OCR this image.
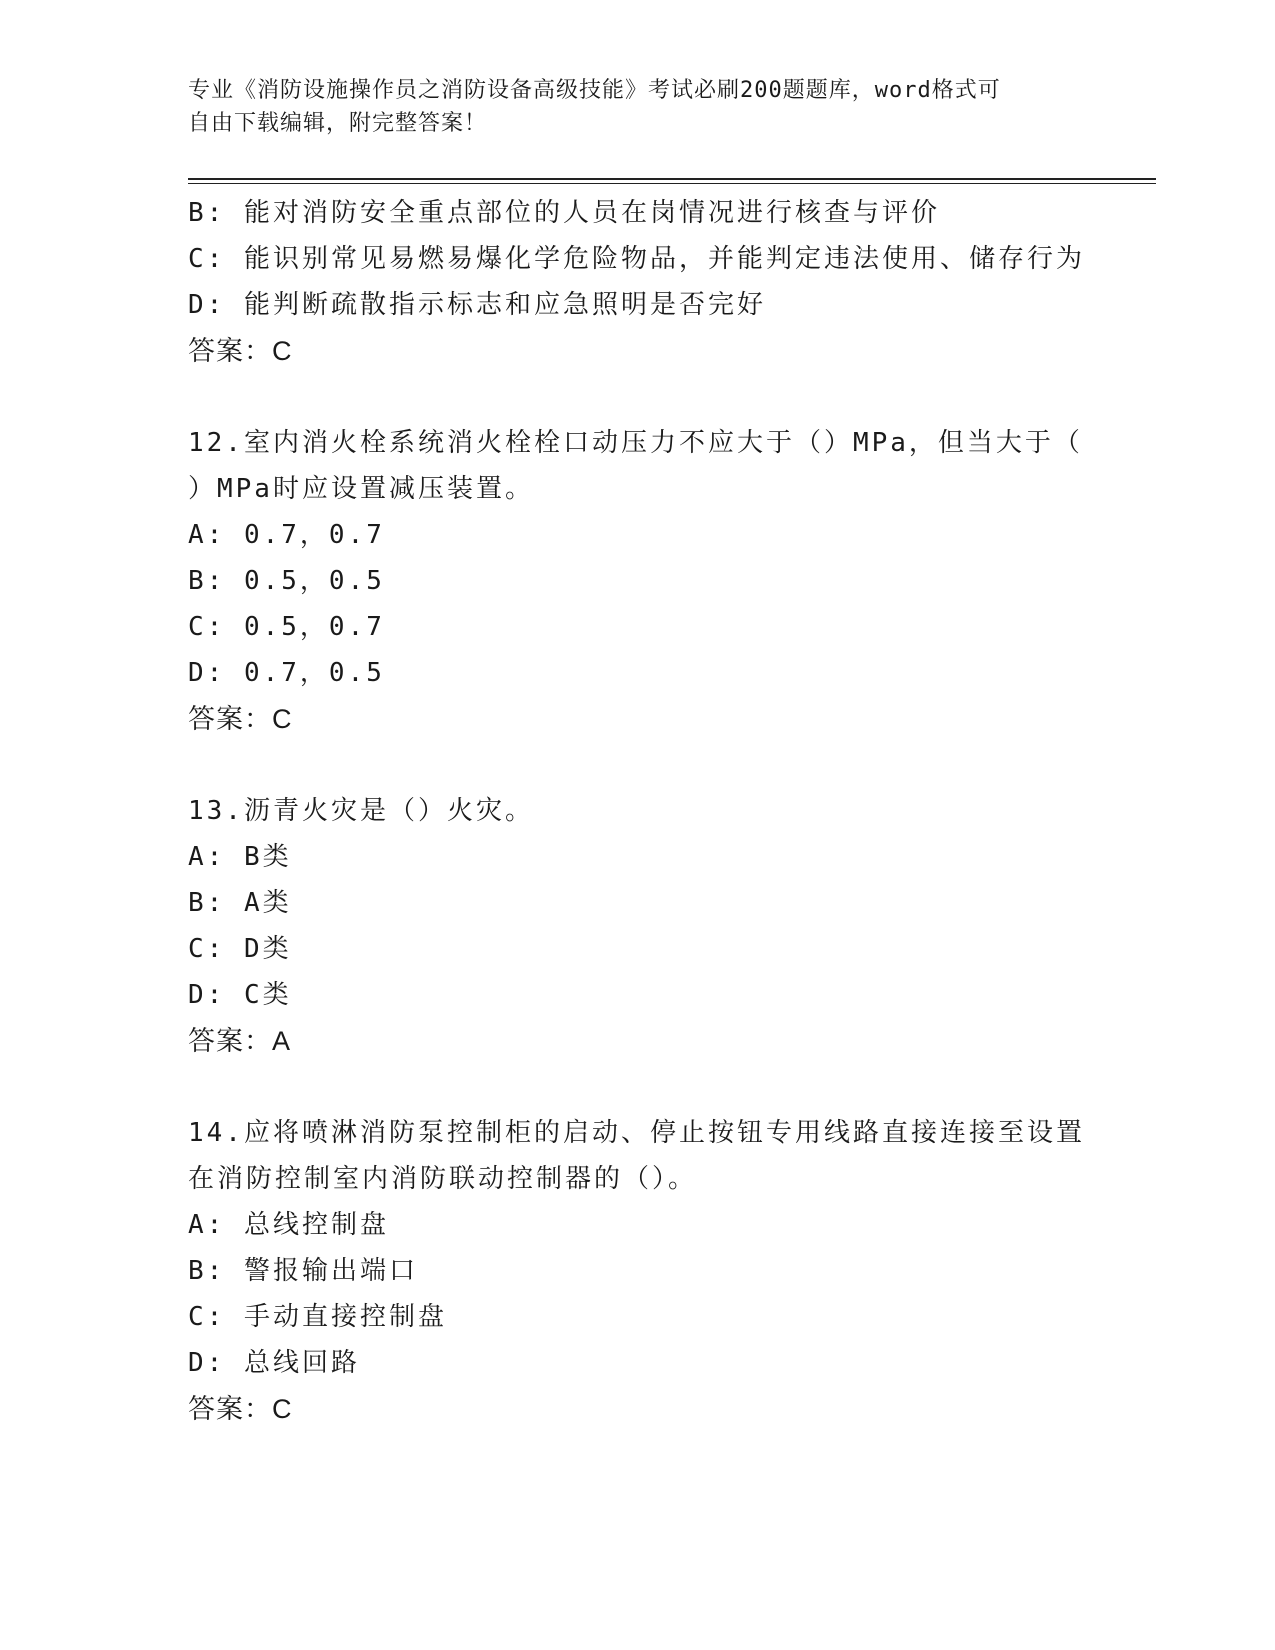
专业《消防设施操作员之消防设备高级技能》考试必刷200题题库，word格式可
自由下载编辑，附完整答案！
B: 能对消防安全重点部位的人员在岗情况进行核查与评价
C: 能识别常见易燃易爆化学危险物品，并能判定违法使用、储存行为
D: 能判断疏散指示标志和应急照明是否完好
答案：C
12.室内消火栓系统消火栓栓口动压力不应大于（）MPa，但当大于（
）MPa时应设置减压装置。
A: 0.7，0.7
B: 0.5，0.5
C: 0.5，0.7
D: 0.7，0.5
答案：C
13.沥青火灾是（）火灾。
A: B类
B: A类
C: D类
D: C类
答案：A
14.应将喷淋消防泵控制柜的启动、停止按钮专用线路直接连接至设置
在消防控制室内消防联动控制器的（）。
A: 总线控制盘
B: 警报输出端口
C: 手动直接控制盘
D: 总线回路
答案：C
